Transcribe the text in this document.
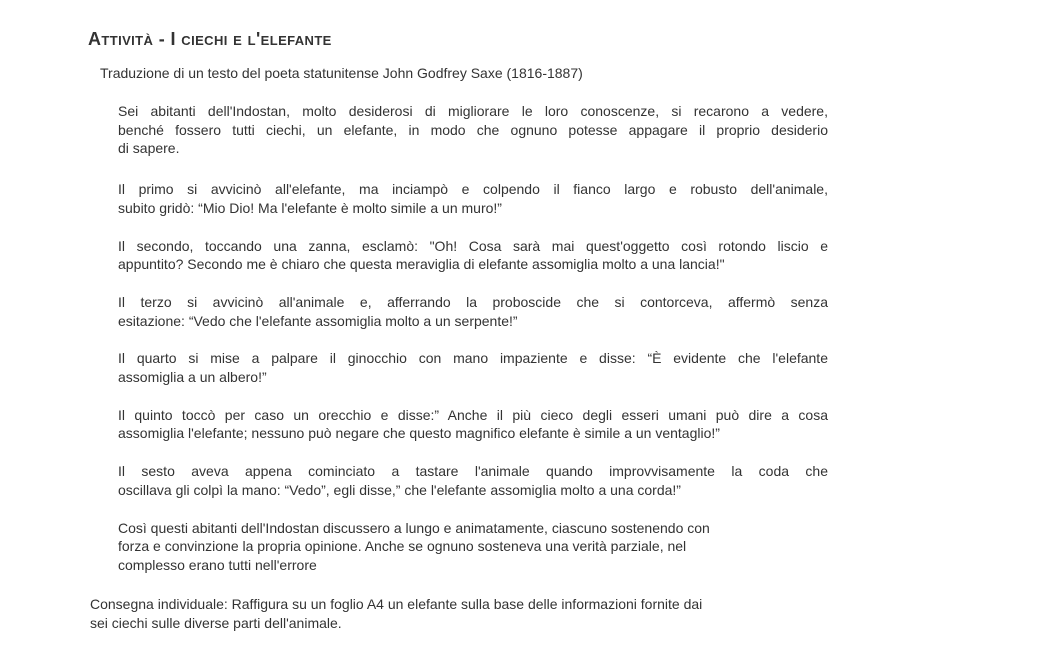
Attività - I ciechi e l'elefante

Traduzione di un testo del poeta statunitense John Godfrey Saxe (1816-1887)

Sei abitanti dell'Indostan, molto desiderosi di migliorare le loro conoscenze, si recarono a vedere,
benché fossero tutti ciechi, un elefante, in modo che ognuno potesse appagare il proprio desiderio
di sapere.
Il primo si avvicinò all'elefante, ma inciampò e colpendo il fianco largo e robusto dell'animale,
subito gridò: “Mio Dio! Ma l'elefante è molto simile a un muro!”
Il secondo, toccando una zanna, esclamò: "Oh! Cosa sarà mai quest'oggetto così rotondo liscio e
appuntito? Secondo me è chiaro che questa meraviglia di elefante assomiglia molto a una lancia!"
Il terzo si avvicinò all'animale e, afferrando la proboscide che si contorceva, affermò senza
esitazione: “Vedo che l'elefante assomiglia molto a un serpente!”
Il quarto si mise a palpare il ginocchio con mano impaziente e disse: “È evidente che l'elefante
assomiglia a un albero!”
Il quinto toccò per caso un orecchio e disse:” Anche il più cieco degli esseri umani può dire a cosa
assomiglia l'elefante; nessuno può negare che questo magnifico elefante è simile a un ventaglio!”
Il sesto aveva appena cominciato a tastare l'animale quando improvvisamente la coda che
oscillava gli colpì la mano: “Vedo”, egli disse,” che l'elefante assomiglia molto a una corda!”
Così questi abitanti dell'Indostan discussero a lungo e animatamente, ciascuno sostenendo con
forza e convinzione la propria opinione. Anche se ognuno sosteneva una verità parziale, nel
complesso erano tutti nell'errore

Consegna individuale: Raffigura su un foglio A4 un elefante sulla base delle informazioni fornite dai
sei ciechi sulle diverse parti dell'animale.
